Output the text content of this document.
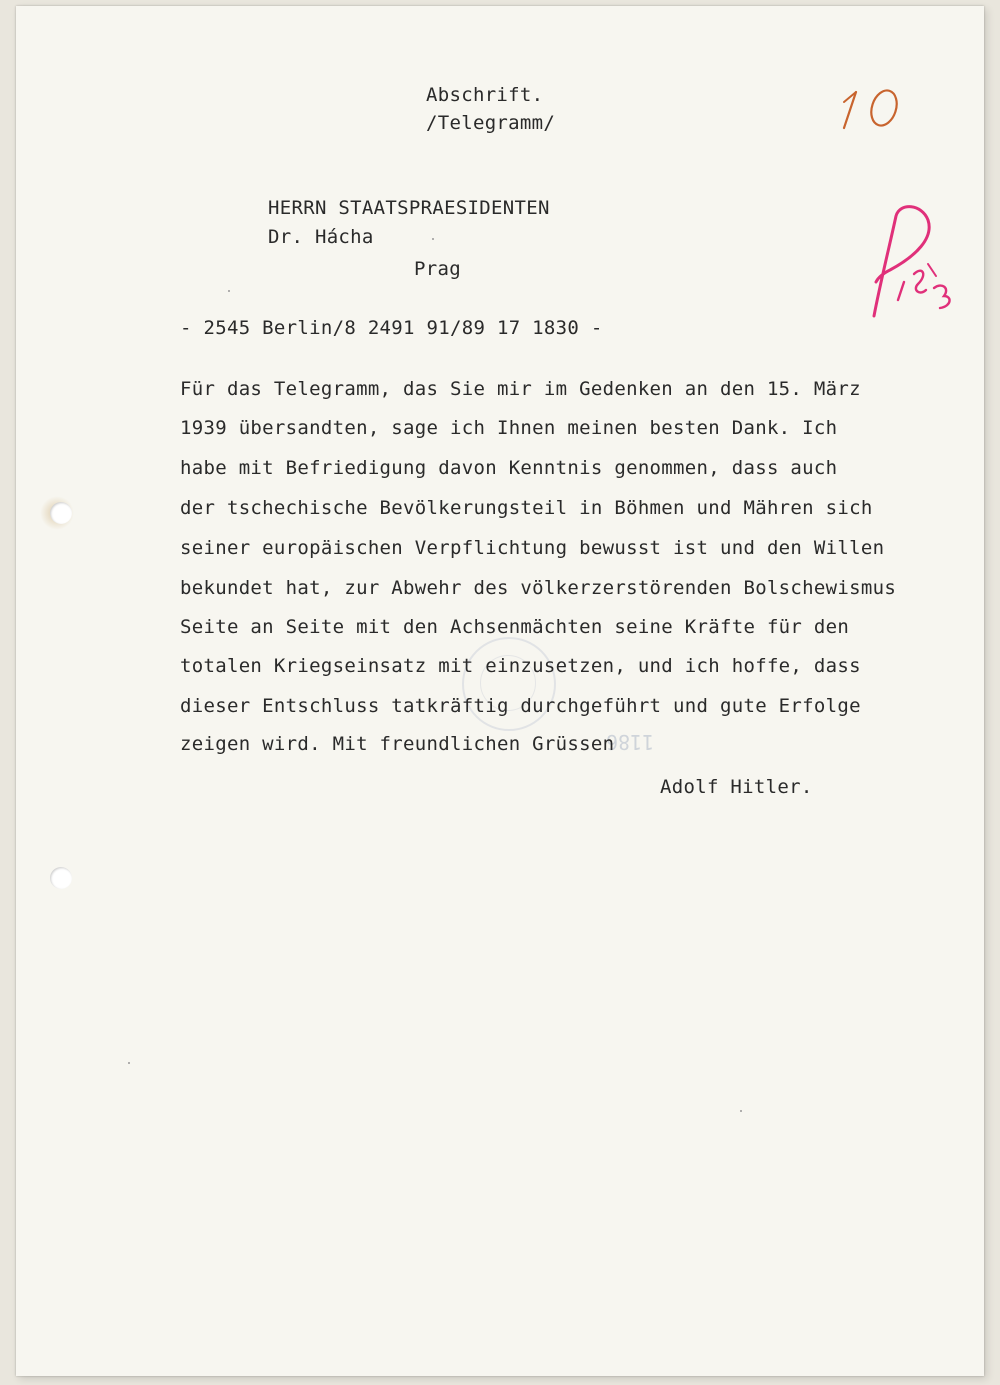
1186
Abschrift.
/Telegramm/
HERRN STAATSPRAESIDENTEN
Dr. Hácha
Prag
- 2545 Berlin/8 2491 91/89 17 1830 -
Für das Telegramm, das Sie mir im Gedenken an den 15. März
1939 übersandten, sage ich Ihnen meinen besten Dank. Ich
habe mit Befriedigung davon Kenntnis genommen, dass auch
der tschechische Bevölkerungsteil in Böhmen und Mähren sich
seiner europäischen Verpflichtung bewusst ist und den Willen
bekundet hat, zur Abwehr des völkerzerstörenden Bolschewismus
Seite an Seite mit den Achsenmächten seine Kräfte für den
totalen Kriegseinsatz mit einzusetzen, und ich hoffe, dass
dieser Entschluss tatkräftig durchgeführt und gute Erfolge
zeigen wird. Mit freundlichen Grüssen
Adolf Hitler.
